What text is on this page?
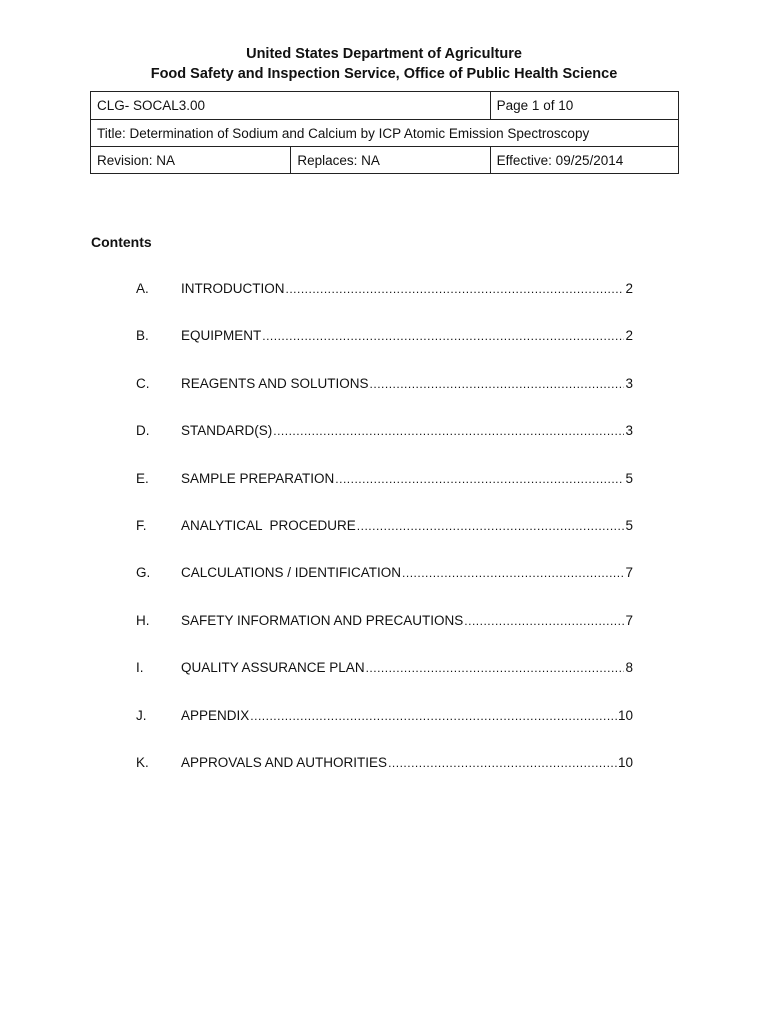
United States Department of Agriculture
Food Safety and Inspection Service, Office of Public Health Science
CLG- SOCAL3.00		Page 1 of 10
Title: Determination of Sodium and Calcium by ICP Atomic Emission Spectroscopy		
Revision: NA	Replaces: NA	Effective: 09/25/2014
Contents
A. INTRODUCTION .....	2
B. EQUIPMENT .....	2
C. REAGENTS AND SOLUTIONS .....	3
D. STANDARD(S) .....	3
E. SAMPLE PREPARATION .....	5
F.	ANALYTICAL  PROCEDURE .....	5
G. CALCULATIONS / IDENTIFICATION .....	7
H. SAFETY INFORMATION AND PRECAUTIONS .....	7
I.	QUALITY ASSURANCE PLAN .....	8
J.	APPENDIX .....	10
K. APPROVALS AND AUTHORITIES .....	10
